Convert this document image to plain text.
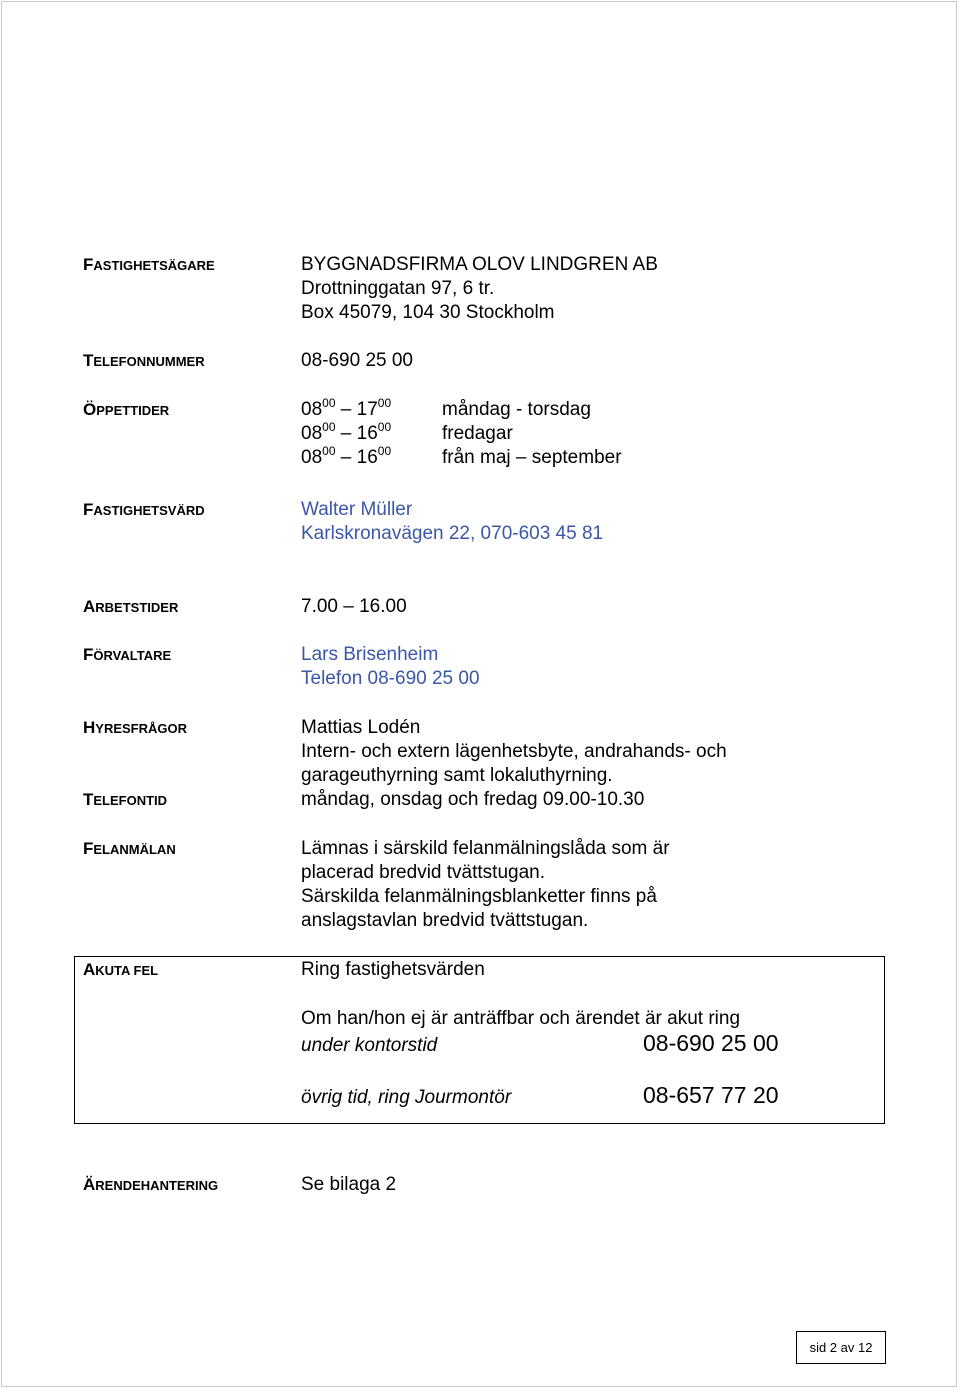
FASTIGHETSÄGARE	BYGGNADSFIRMA OLOV LINDGREN AB
Drottninggatan 97, 6 tr.
Box 45079, 104 30 Stockholm
TELEFONNUMMER	08-690 25 00
ÖPPETTIDER	$08^{00} - 17^{00}$	måndag - torsdag
$08^{00} - 16^{00}$	fredagar
$08^{00} - 16^{00}$	från maj – september
FASTIGHETSVÄRD	Walter Müller
Karlskronavägen 22, 070-603 45 81
ARBETSTIDER	7.00 – 16.00
FÖRVALTARE	Lars Brisenheim
Telefon 08-690 25 00
HYRESFRÅGOR	Mattias Lodén
Intern- och extern lägenhetsbyte, andrahands- och
garageuthyrning samt lokaluthyrning.
TELEFONTID	måndag, onsdag och fredag 09.00-10.30
FELANMÄLAN	Lämnas i särskild felanmälningslåda som är
placerad bredvid tvättstugan.
Särskilda felanmälningsblanketter finns på
anslagstavlan bredvid tvättstugan.
AKUTA FEL	Ring fastighetsvärden
Om han/hon ej är anträffbar och ärendet är akut ring
under kontorstid	08-690 25 00
övrig tid, ring Jourmontör	08-657 77 20
ÄRENDEHANTERING	Se bilaga 2
sid 2 av 12
